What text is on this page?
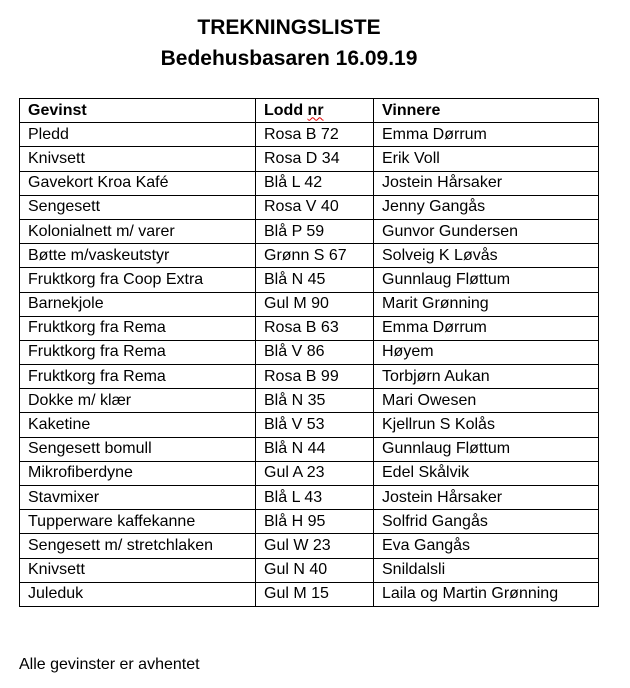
TREKNINGSLISTE
Bedehusbasaren 16.09.19
Gevinst	Lodd nr	Vinnere
Pledd	Rosa B 72	Emma Dørrum
Knivsett	Rosa D 34	Erik Voll
Gavekort Kroa Kafé	Blå L 42	Jostein Hårsaker
Sengesett	Rosa V 40	Jenny Gangås
Kolonialnett m/ varer	Blå P 59	Gunvor Gundersen
Bøtte m/vaskeutstyr	Grønn S 67	Solveig K Løvås
Fruktkorg fra Coop Extra	Blå N 45	Gunnlaug Fløttum
Barnekjole	Gul M 90	Marit Grønning
Fruktkorg fra Rema	Rosa B 63	Emma Dørrum
Fruktkorg fra Rema	Blå V 86	Høyem
Fruktkorg fra Rema	Rosa B 99	Torbjørn Aukan
Dokke m/ klær	Blå N 35	Mari Owesen
Kaketine	Blå V 53	Kjellrun S Kolås
Sengesett bomull	Blå N 44	Gunnlaug Fløttum
Mikrofiberdyne	Gul A 23	Edel Skålvik
Stavmixer	Blå L 43	Jostein Hårsaker
Tupperware kaffekanne	Blå H 95	Solfrid Gangås
Sengesett m/ stretchlaken	Gul W 23	Eva Gangås
Knivsett	Gul N 40	Snildalsli
Juleduk	Gul M 15	Laila og Martin Grønning
Alle gevinster er avhentet
